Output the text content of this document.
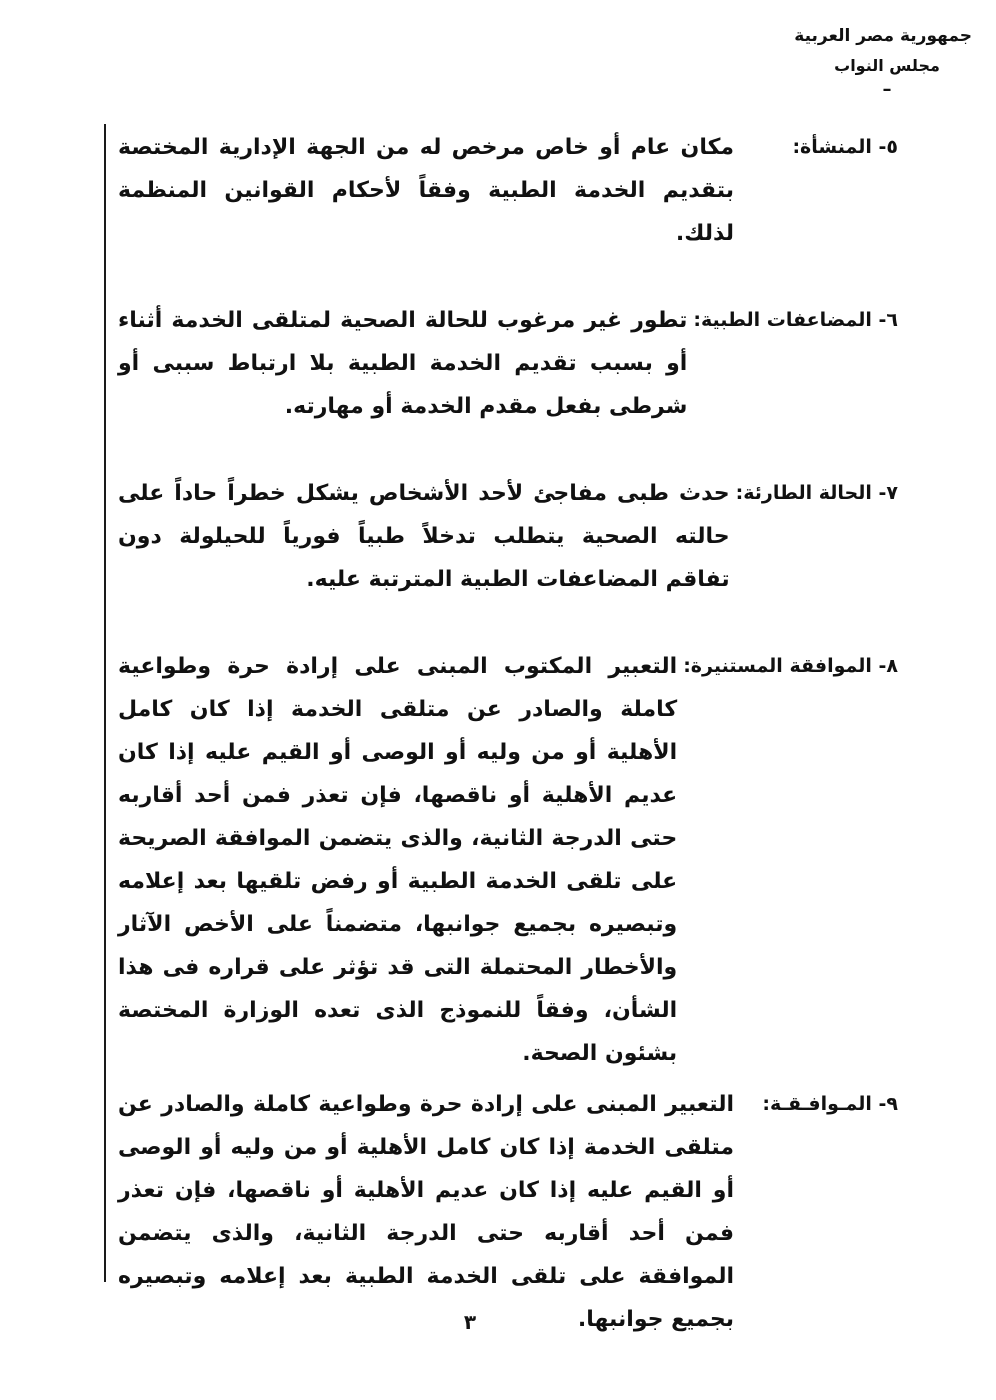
جمهورية مصر العربية
مجلس النواب
–
٥- المنشأة:
مكان عام أو خاص مرخص له من الجهة الإدارية المختصة بتقديم الخدمة الطبية وفقاً لأحكام القوانين المنظمة لذلك.
٦- المضاعفات الطبية:
تطور غير مرغوب للحالة الصحية لمتلقى الخدمة أثناء أو بسبب تقديم الخدمة الطبية بلا ارتباط سببى أو شرطى بفعل مقدم الخدمة أو مهارته.
٧- الحالة الطارئة:
حدث طبى مفاجئ لأحد الأشخاص يشكل خطراً حاداً على حالته الصحية يتطلب تدخلاً طبياً فورياً للحيلولة دون تفاقم المضاعفات الطبية المترتبة عليه.
٨- الموافقة المستنيرة:
التعبير المكتوب المبنى على إرادة حرة وطواعية كاملة والصادر عن متلقى الخدمة إذا كان كامل الأهلية أو من وليه أو الوصى أو القيم عليه إذا كان عديم الأهلية أو ناقصها، فإن تعذر فمن أحد أقاربه حتى الدرجة الثانية، والذى يتضمن الموافقة الصريحة على تلقى الخدمة الطبية أو رفض تلقيها بعد إعلامه وتبصيره بجميع جوانبها، متضمناً على الأخص الآثار والأخطار المحتملة التى قد تؤثر على قراره فى هذا الشأن، وفقاً للنموذج الذى تعده الوزارة المختصة بشئون الصحة.
٩- المـوافـقـة:
التعبير المبنى على إرادة حرة وطواعية كاملة والصادر عن متلقى الخدمة إذا كان كامل الأهلية أو من وليه أو الوصى أو القيم عليه إذا كان عديم الأهلية أو ناقصها، فإن تعذر فمن أحد أقاربه حتى الدرجة الثانية، والذى يتضمن الموافقة على تلقى الخدمة الطبية بعد إعلامه وتبصيره بجميع جوانبها.
٣
